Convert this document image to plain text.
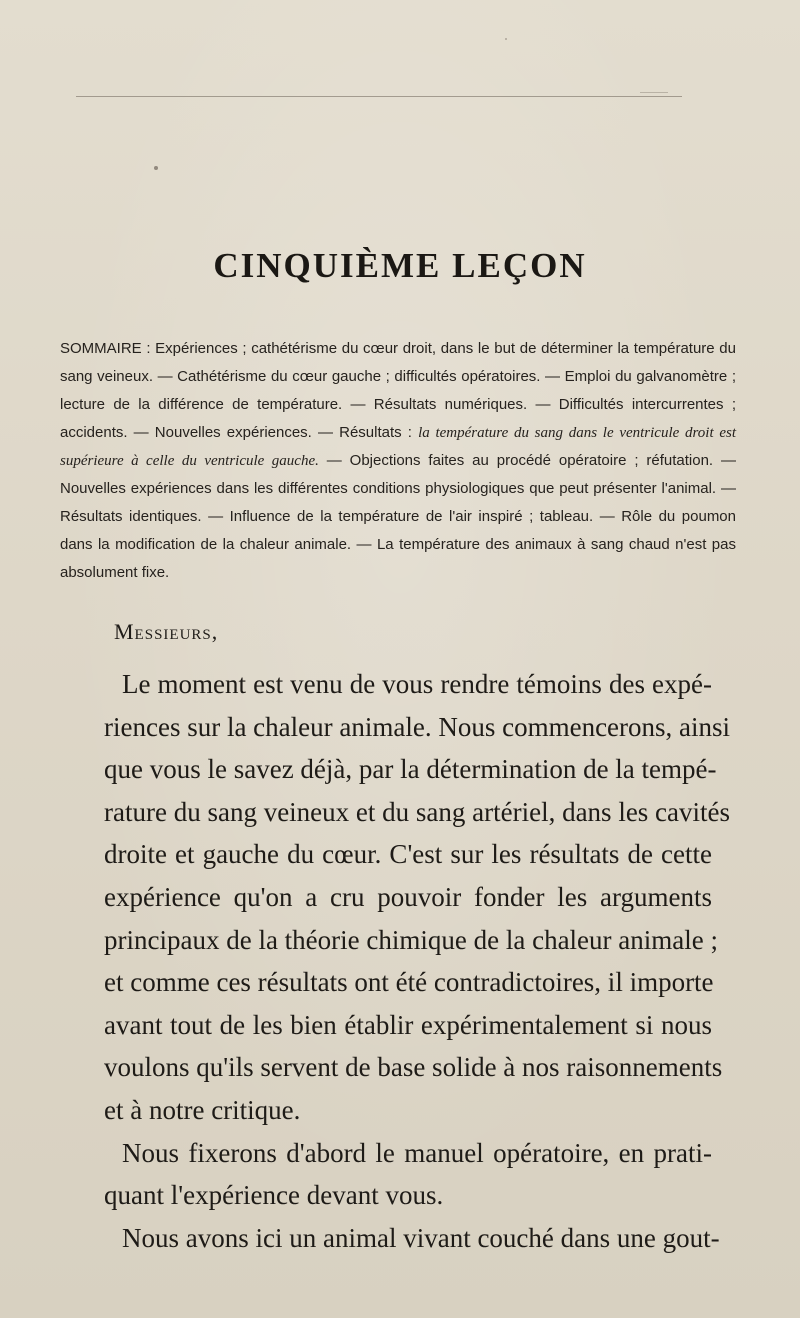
CINQUIÈME LEÇON

SOMMAIRE : Expériences ; cathétérisme du cœur droit, dans le but de déterminer la température du sang veineux. — Cathétérisme du cœur gauche ; difficultés opératoires. — Emploi du galvanomètre ; lecture de la différence de température. — Résultats numériques. — Difficultés intercurrentes ; accidents. — Nouvelles expériences. — Résultats : la température du sang dans le ventricule droit est supérieure à celle du ventricule gauche. — Objections faites au procédé opératoire ; réfutation. — Nouvelles expériences dans les différentes conditions physiologiques que peut présenter l'animal. — Résultats identiques. — Influence de la température de l'air inspiré ; tableau. — Rôle du poumon dans la modification de la chaleur animale. — La température des animaux à sang chaud n'est pas absolument fixe.

Messieurs,

Le moment est venu de vous rendre témoins des expé-
riences sur la chaleur animale. Nous commencerons, ainsi
que vous le savez déjà, par la détermination de la tempé-
rature du sang veineux et du sang artériel, dans les cavités
droite et gauche du cœur. C'est sur les résultats de cette
expérience qu'on a cru pouvoir fonder les arguments
principaux de la théorie chimique de la chaleur animale ;
et comme ces résultats ont été contradictoires, il importe
avant tout de les bien établir expérimentalement si nous
voulons qu'ils servent de base solide à nos raisonnements
et à notre critique.
Nous fixerons d'abord le manuel opératoire, en prati-
quant l'expérience devant vous.
Nous avons ici un animal vivant couché dans une gout-
